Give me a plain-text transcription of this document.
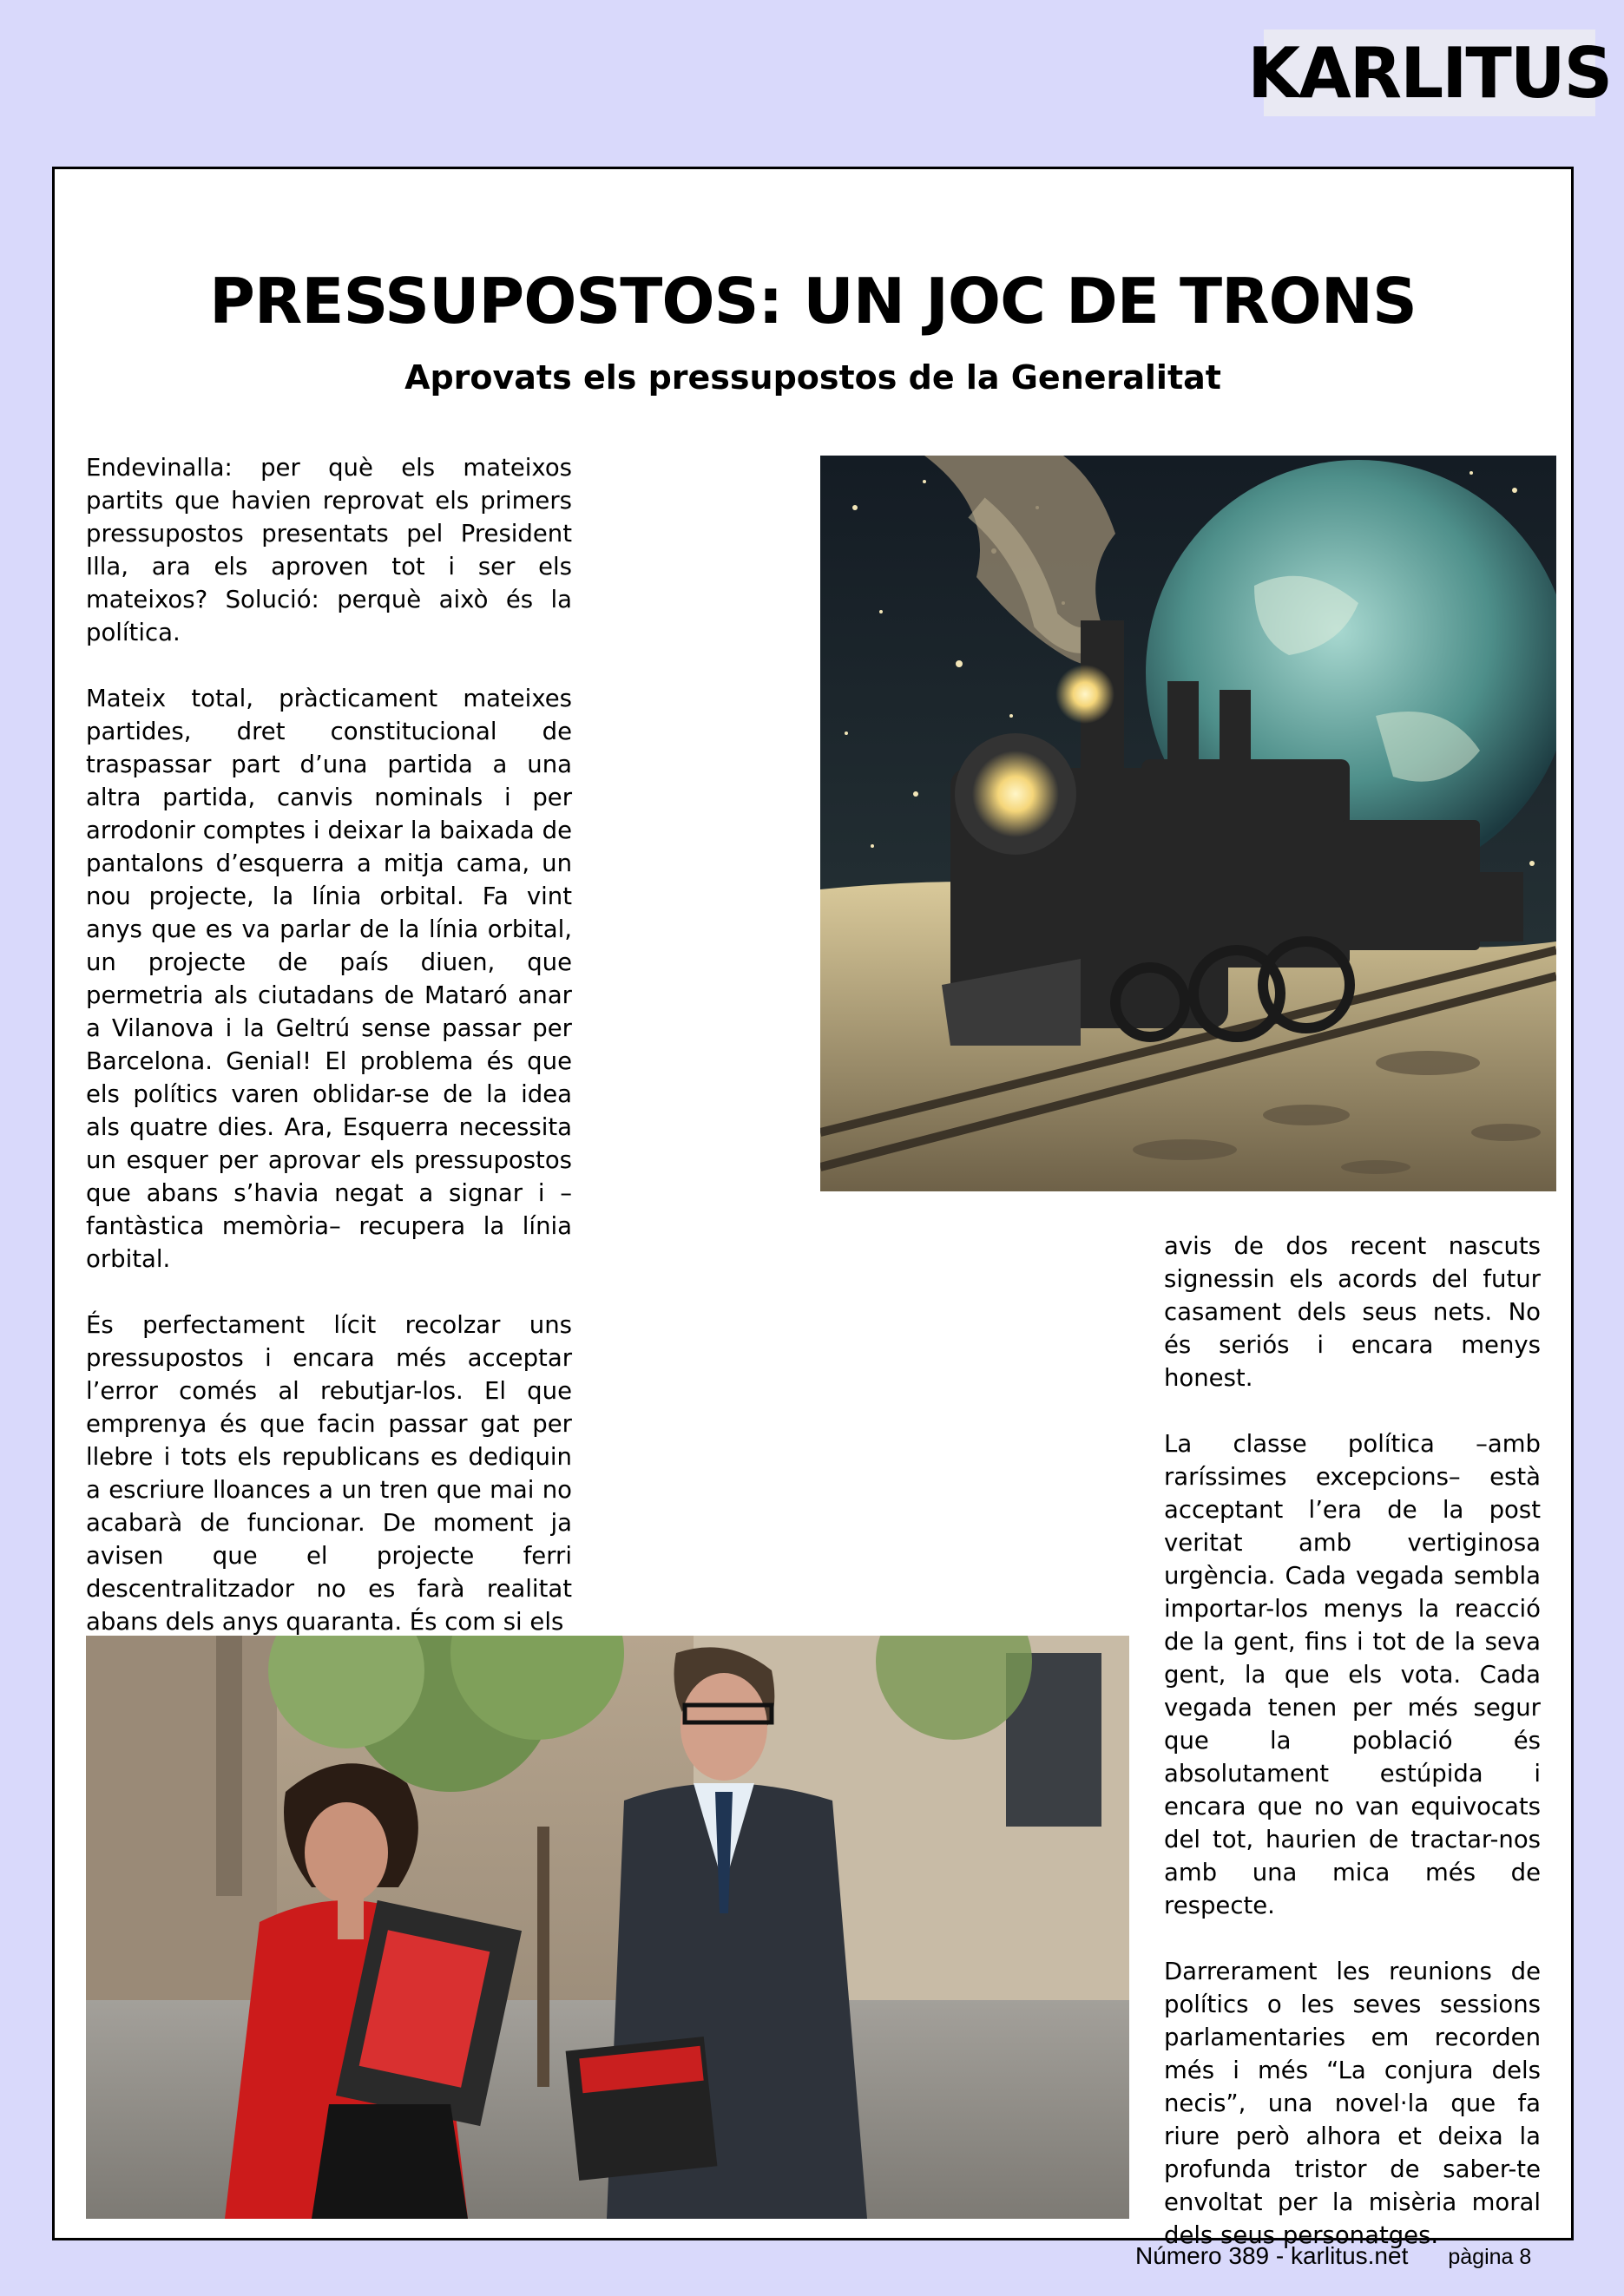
KARLITUS
PRESSUPOSTOS: UN JOC DE TRONS
Aprovats els pressupostos de la Generalitat

Endevinalla: per què els mateixos partits que havien reprovat els primers pressupostos presentats pel President Illa, ara els aproven tot i ser els mateixos? Solució: perquè això és la política.

Mateix total, pràcticament mateixes partides, dret constitucional de traspassar part d’una partida a una altra partida, canvis nominals i per arrodonir comptes i deixar la baixada de pantalons d’esquerra a mitja cama, un nou projecte, la línia orbital. Fa vint anys que es va parlar de la línia orbital, un projecte de país diuen, que permetria als ciutadans de Mataró anar a Vilanova i la Geltrú sense passar per Barcelona. Genial! El problema és que els polítics varen oblidar-se de la idea als quatre dies. Ara, Esquerra necessita un esquer per aprovar els pressupostos que abans s’havia negat a signar i –fantàstica memòria– recupera la línia orbital.

És perfectament lícit recolzar uns pressupostos i encara més acceptar l’error comés al rebutjar-los. El que emprenya és que facin passar gat per llebre i tots els republicans es dediquin a escriure lloances a un tren que mai no acabarà de funcionar. De moment ja avisen que el projecte ferri descentralitzador no es farà realitat abans dels anys quaranta. És com si els

avis de dos recent nascuts signessin els acords del futur casament dels seus nets. No és seriós i encara menys honest.

La classe política –amb raríssimes excepcions– està acceptant l’era de la post veritat amb vertiginosa urgència. Cada vegada sembla importar-los menys la reacció de la gent, fins i tot de la seva gent, la que els vota. Cada vegada tenen per més segur que la població és absolutament estúpida i encara que no van equivocats del tot, haurien de tractar-nos amb una mica més de respecte.

Darrerament les reunions de polítics o les seves sessions parlamentaries em recorden més i més “La conjura dels necis”, una novel·la que fa riure però alhora et deixa la profunda tristor de saber-te envoltat per la misèria moral dels seus personatges.

Número 389 - karlitus.net pàgina 8
